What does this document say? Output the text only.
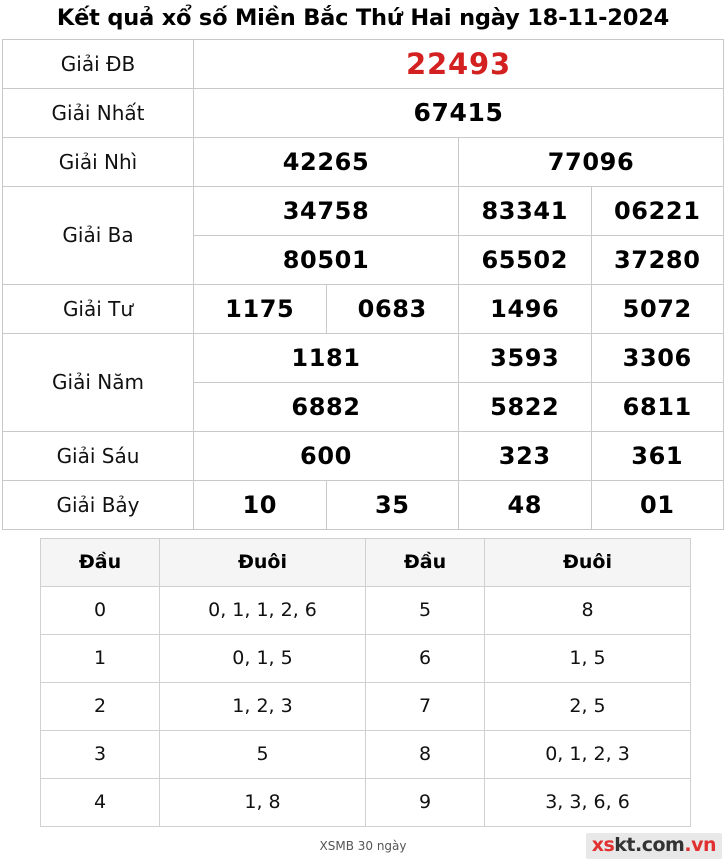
Kết quả xổ số Miền Bắc Thứ Hai ngày 18-11-2024
Giải ĐB	22493			
Giải Nhất	67415			
Giải Nhì	42265		77096	
Giải Ba	34758		83341	06221
	80501		65502	37280
Giải Tư	1175	0683	1496	5072
Giải Năm	1181		3593	3306
	6882		5822	6811
Giải Sáu	600		323	361
Giải Bảy	10	35	48	01
Đầu	Đuôi	Đầu	Đuôi
0	0, 1, 1, 2, 6	5	8
1	0, 1, 5	6	1, 5
2	1, 2, 3	7	2, 5
3	5	8	0, 1, 2, 3
4	1, 8	9	3, 3, 6, 6
XSMB 30 ngày	xskt.com.vn
